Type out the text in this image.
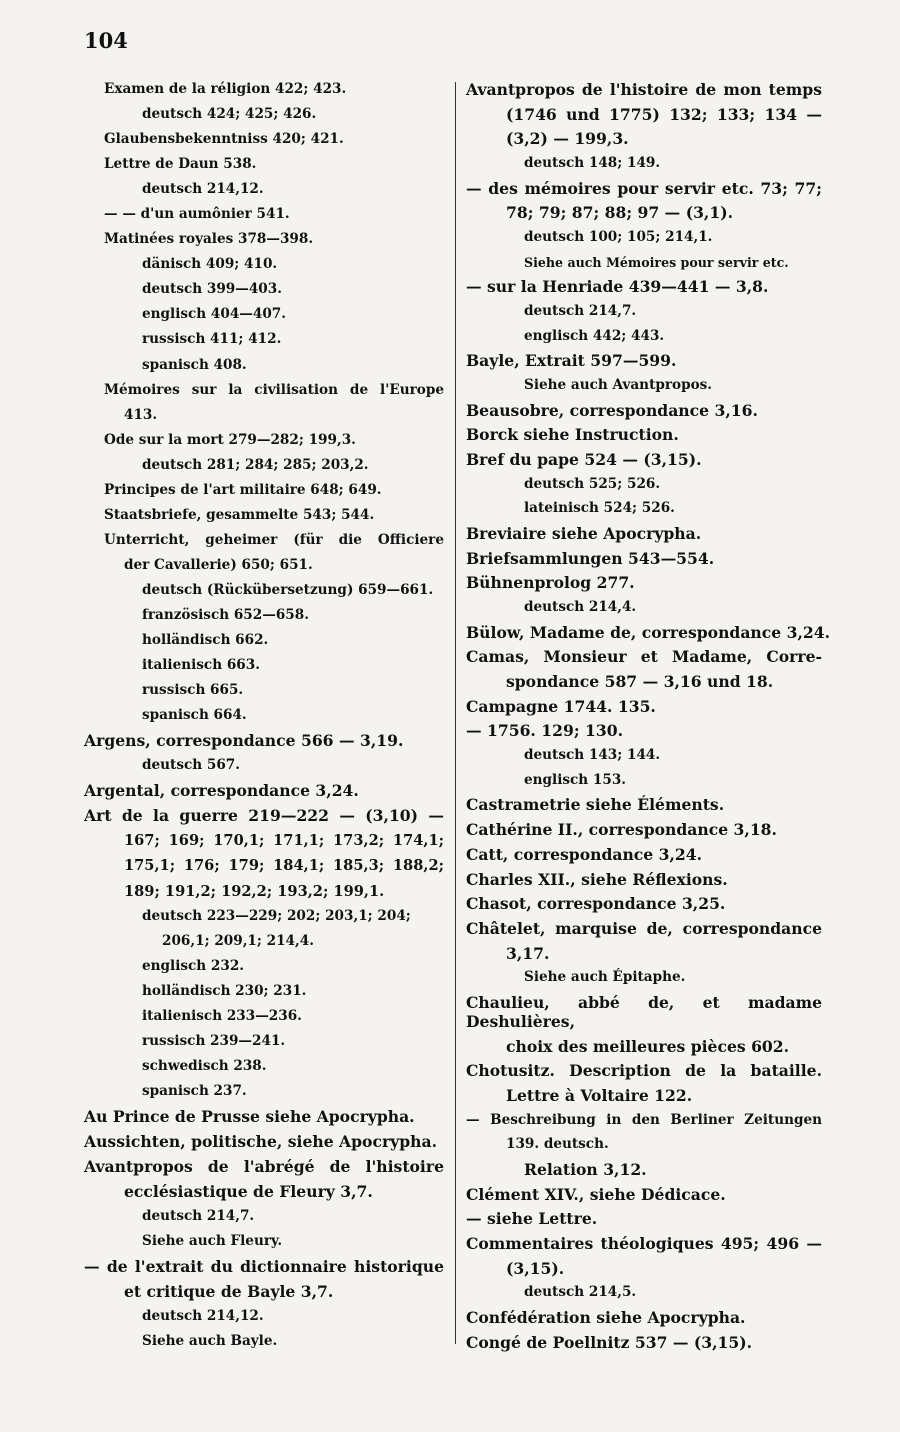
104
Examen de la réligion 422; 423.
deutsch 424; 425; 426.
Glaubensbekenntniss 420; 421.
Lettre de Daun 538.
deutsch 214,12.
— — d'un aumônier 541.
Matinées royales 378—398.
dänisch 409; 410.
deutsch 399—403.
englisch 404—407.
russisch 411; 412.
spanisch 408.
Mémoires sur la civilisation de l'Europe
413.
Ode sur la mort 279—282; 199,3.
deutsch 281; 284; 285; 203,2.
Principes de l'art militaire 648; 649.
Staatsbriefe, gesammelte 543; 544.
Unterricht, geheimer (für die Officiere
der Cavallerie) 650; 651.
deutsch (Rückübersetzung) 659—661.
französisch 652—658.
holländisch 662.
italienisch 663.
russisch 665.
spanisch 664.
Argens, correspondance 566 — 3,19.
deutsch 567.
Argental, correspondance 3,24.
Art de la guerre 219—222 — (3,10) —
167; 169; 170,1; 171,1; 173,2; 174,1;
175,1; 176; 179; 184,1; 185,3; 188,2;
189; 191,2; 192,2; 193,2; 199,1.
deutsch 223—229; 202; 203,1; 204;
206,1; 209,1; 214,4.
englisch 232.
holländisch 230; 231.
italienisch 233—236.
russisch 239—241.
schwedisch 238.
spanisch 237.
Au Prince de Prusse siehe Apocrypha.
Aussichten, politische, siehe Apocrypha.
Avantpropos de l'abrégé de l'histoire
ecclésiastique de Fleury 3,7.
deutsch 214,7.
Siehe auch Fleury.
— de l'extrait du dictionnaire historique
et critique de Bayle 3,7.
deutsch 214,12.
Siehe auch Bayle.
Avantpropos de l'histoire de mon temps
(1746 und 1775) 132; 133; 134 —
(3,2) — 199,3.
deutsch 148; 149.
— des mémoires pour servir etc. 73; 77;
78; 79; 87; 88; 97 — (3,1).
deutsch 100; 105; 214,1.
Siehe auch Mémoires pour servir etc.
— sur la Henriade 439—441 — 3,8.
deutsch 214,7.
englisch 442; 443.
Bayle, Extrait 597—599.
Siehe auch Avantpropos.
Beausobre, correspondance 3,16.
Borck siehe Instruction.
Bref du pape 524 — (3,15).
deutsch 525; 526.
lateinisch 524; 526.
Breviaire siehe Apocrypha.
Briefsammlungen 543—554.
Bühnenprolog 277.
deutsch 214,4.
Bülow, Madame de, correspondance 3,24.
Camas, Monsieur et Madame, Corre-
spondance 587 — 3,16 und 18.
Campagne 1744. 135.
— 1756. 129; 130.
deutsch 143; 144.
englisch 153.
Castrametrie siehe Éléments.
Cathérine II., correspondance 3,18.
Catt, correspondance 3,24.
Charles XII., siehe Réflexions.
Chasot, correspondance 3,25.
Châtelet, marquise de, correspondance
3,17.
Siehe auch Épitaphe.
Chaulieu, abbé de, et madame Deshulières,
choix des meilleures pièces 602.
Chotusitz. Description de la bataille.
Lettre à Voltaire 122.
— Beschreibung in den Berliner Zeitungen
139. deutsch.
Relation 3,12.
Clément XIV., siehe Dédicace.
— siehe Lettre.
Commentaires théologiques 495; 496 —
(3,15).
deutsch 214,5.
Confédération siehe Apocrypha.
Congé de Poellnitz 537 — (3,15).
